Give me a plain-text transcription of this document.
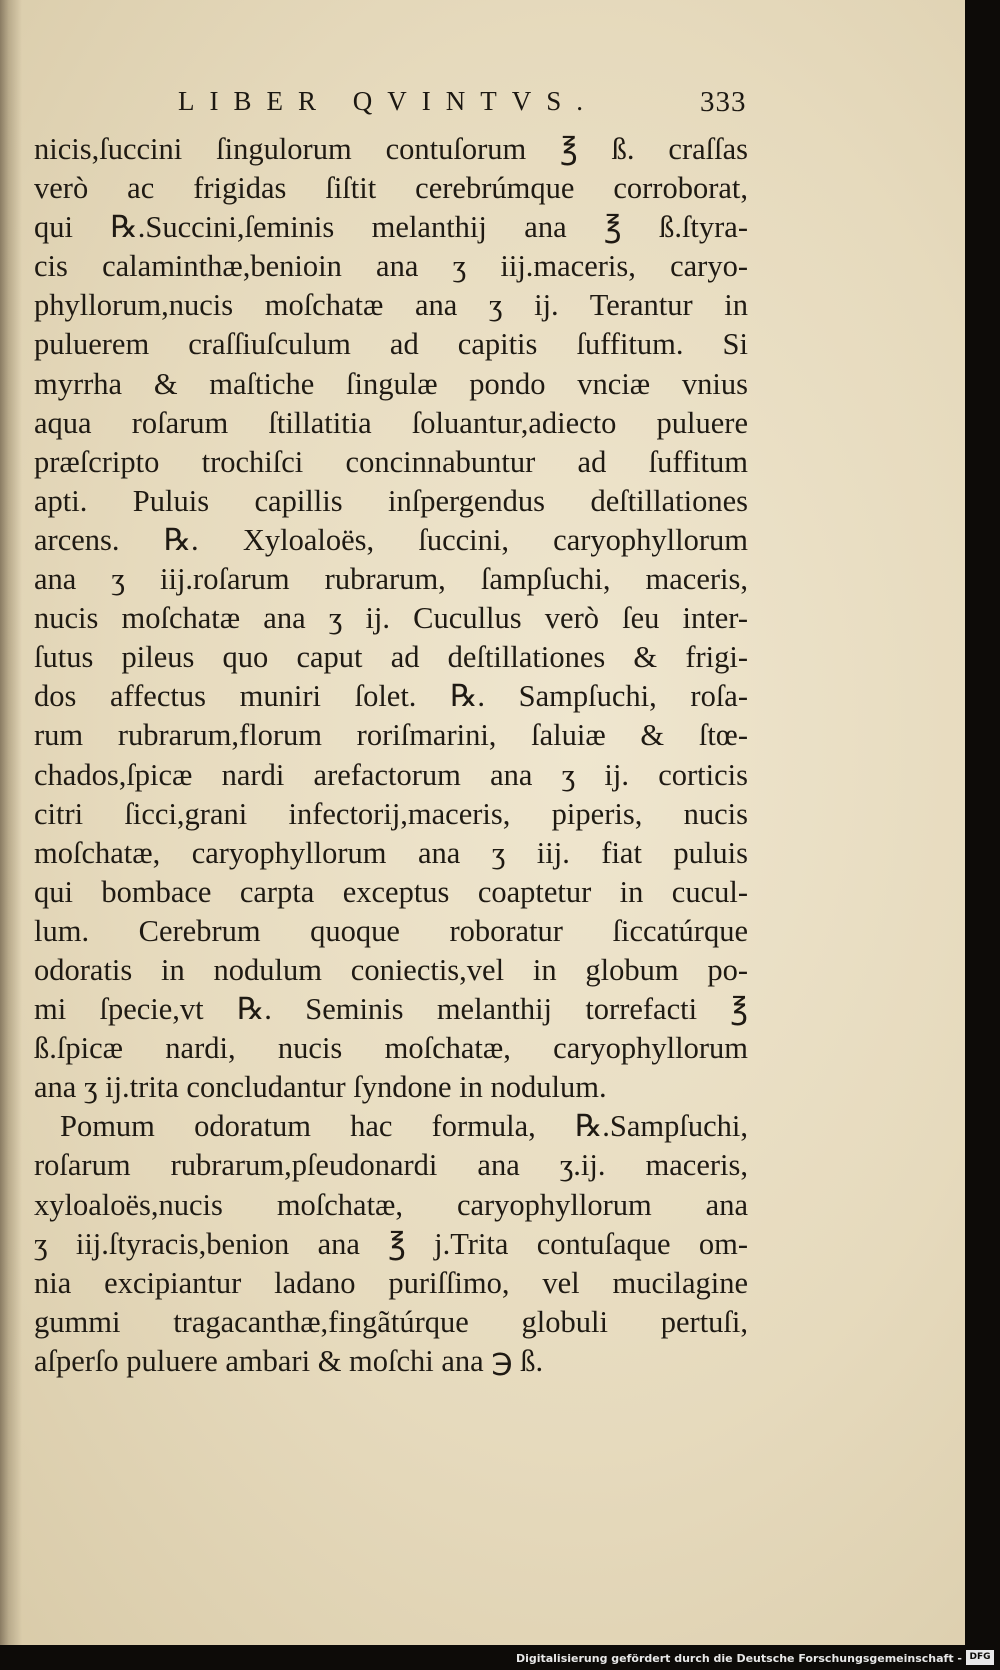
LIBER QVINTVS.	333
nicis,ſuccini ſingulorum contuſorum ℥ ß. craſſas
verò ac frigidas ſiſtit cerebrúmque corroborat,
qui ℞.Succini,ſeminis melanthij ana ℥ ß.ſtyra-
cis calaminthæ,benioin ana ʒ iij.maceris, caryo-
phyllorum,nucis moſchatæ ana ʒ ij. Terantur in
puluerem craſſiuſculum ad capitis ſuffitum. Si
myrrha & maſtiche ſingulæ pondo vnciæ vnius
aqua roſarum ſtillatitia ſoluantur,adiecto puluere
præſcripto trochiſci concinnabuntur ad ſuffitum
apti. Puluis capillis inſpergendus deſtillationes
arcens. ℞. Xyloaloës, ſuccini, caryophyllorum
ana ʒ iij.roſarum rubrarum, ſampſuchi, maceris,
nucis moſchatæ ana ʒ ij. Cucullus verò ſeu inter-
ſutus pileus quo caput ad deſtillationes & frigi-
dos affectus muniri ſolet. ℞. Sampſuchi, roſa-
rum rubrarum,florum roriſmarini, ſaluiæ & ſtœ-
chados,ſpicæ nardi arefactorum ana ʒ ij. corticis
citri ſicci,grani infectorij,maceris, piperis, nucis
moſchatæ, caryophyllorum ana ʒ iij. fiat puluis
qui bombace carpta exceptus coaptetur in cucul-
lum. Cerebrum quoque roboratur ſiccatúrque
odoratis in nodulum coniectis,vel in globum po-
mi ſpecie,vt ℞. Seminis melanthij torrefacti ℥
ß.ſpicæ nardi, nucis moſchatæ, caryophyllorum
ana ʒ ij.trita concludantur ſyndone in nodulum.
Pomum odoratum hac formula, ℞.Sampſuchi,
roſarum rubrarum,pſeudonardi ana ʒ.ij. maceris,
xyloaloës,nucis moſchatæ, caryophyllorum ana
ʒ iij.ſtyracis,benion ana ℥ j.Trita contuſaque om-
nia excipiantur ladano puriſſimo, vel mucilagine
gummi tragacanthæ,fingãtúrque globuli pertuſi,
aſperſo puluere ambari & moſchi ana ℈ ß.
Digitalisierung gefördert durch die Deutsche Forschungsgemeinschaft - DFG
